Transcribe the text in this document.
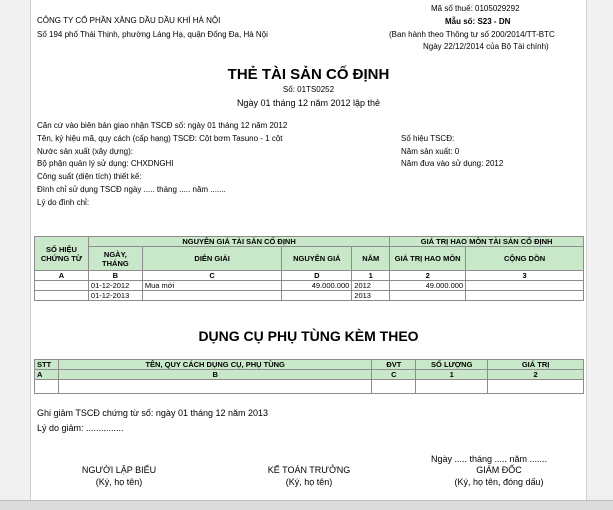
CÔNG TY CỔ PHẦN XĂNG DẦU DẦU KHÍ HÀ NỘI
Số 194 phố Thái Thịnh, phường Láng Hạ, quận Đống Đa, Hà Nội
Mã số thuế: 0105029292
Mẫu số: S23 - DN
(Ban hành theo Thông tư số 200/2014/TT-BTC
Ngày 22/12/2014 của Bộ Tài chính)
THẺ TÀI SẢN CỐ ĐỊNH
Số: 01TS0252
Ngày 01 tháng 12 năm 2012 lập thẻ
Căn cứ vào biên bản giao nhận TSCĐ số: ngày 01 tháng 12 năm 2012
Tên, ký hiệu mã, quy cách (cấp hạng) TSCĐ: Cột bơm Tasuno - 1 cột
Nước sản xuất (xây dựng):
Bộ phận quản lý sử dụng: CHXDNGHI
Công suất (diện tích) thiết kế:
Đình chỉ sử dụng TSCĐ ngày ..... tháng ..... năm .......
Lý do đình chỉ:
Số hiệu TSCĐ:
Năm sản xuất: 0
Năm đưa vào sử dụng: 2012
SỐ HIỆU CHỨNG TỪ	NGUYÊN GIÁ TÀI SẢN CỐ ĐỊNH				GIÁ TRỊ HAO MÒN TÀI SẢN CỐ ĐỊNH	
	NGÀY, THÁNG	DIỄN GIẢI	NGUYÊN GIÁ	NĂM	GIÁ TRỊ HAO MÒN	CỘNG DỒN
A	B	C	D	1	2	3
	01-12-2012	Mua mới	49.000.000	2012	49.000.000	
	01-12-2013			2013		
DỤNG CỤ PHỤ TÙNG KÈM THEO
STT	TÊN, QUY CÁCH DỤNG CỤ, PHỤ TÙNG	ĐVT	SỐ LƯỢNG	GIÁ TRỊ
A	B	C	1	2

Ghi giảm TSCĐ chứng từ số: ngày 01 tháng 12 năm 2013
Lý do giảm: ...............
Ngày ..... tháng ..... năm .......
NGƯỜI LẬP BIỂU
(Ký, họ tên)
KẾ TOÁN TRƯỞNG
(Ký, họ tên)
GIÁM ĐỐC
(Ký, họ tên, đóng dấu)
